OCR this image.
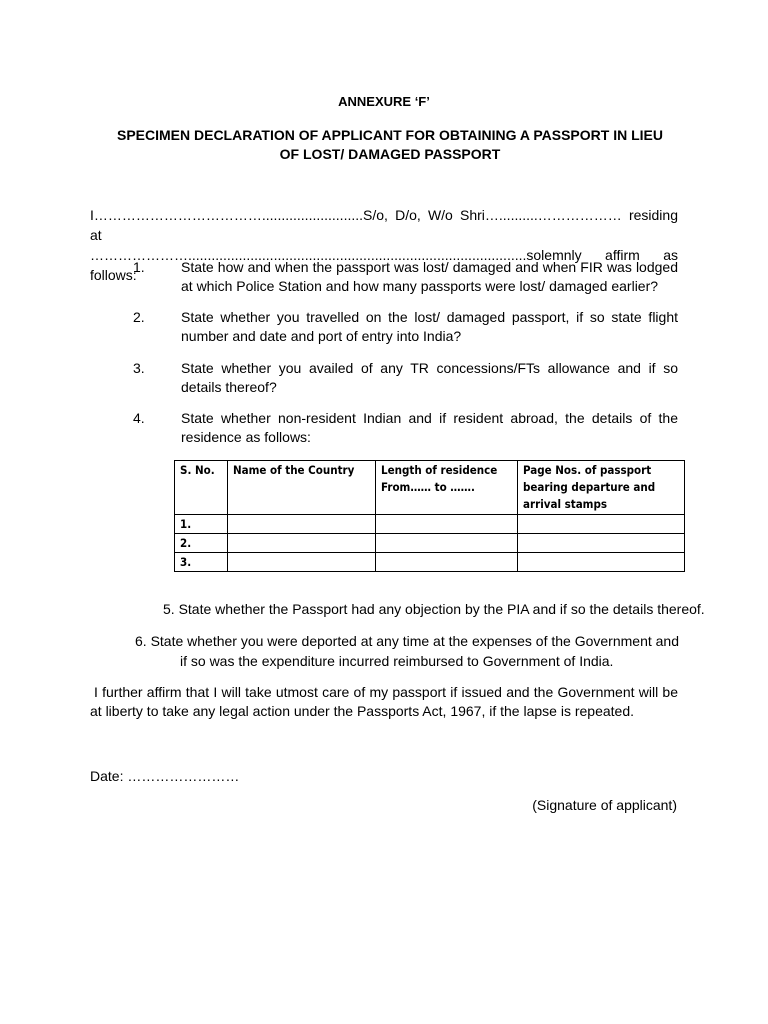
ANNEXURE ‘F’
SPECIMEN DECLARATION OF APPLICANT FOR OBTAINING A PASSPORT IN LIEU OF LOST/ DAMAGED PASSPORT
I………………………………..........................S/o, D/o, W/o Shri…..........……………… residing at
………………….......................................................................................solemnly affirm as follows:
1.	State how and when the passport was lost/ damaged and when FIR was lodged at which Police Station and how many passports were lost/ damaged earlier?
2.	State whether you travelled on the lost/ damaged passport, if so state flight number and date and port of entry into India?
3.	State whether you availed of any TR concessions/FTs allowance and if so details thereof?
4.	State whether non-resident Indian and if resident abroad, the details of the residence as follows:
S. No.	Name of the Country	Length of residence From…… to …….	Page Nos. of passport bearing departure and arrival stamps
1.			
2.			
3.			
5. State whether the Passport had any objection by the PIA and if so the details thereof.
6. State whether you were deported at any time at the expenses of the Government and
if so was the expenditure incurred reimbursed to Government of India.
I further affirm that I will take utmost care of my passport if issued and the Government will be at liberty to take any legal action under the Passports Act, 1967, if the lapse is repeated.
Date: ……………………
(Signature of applicant)
